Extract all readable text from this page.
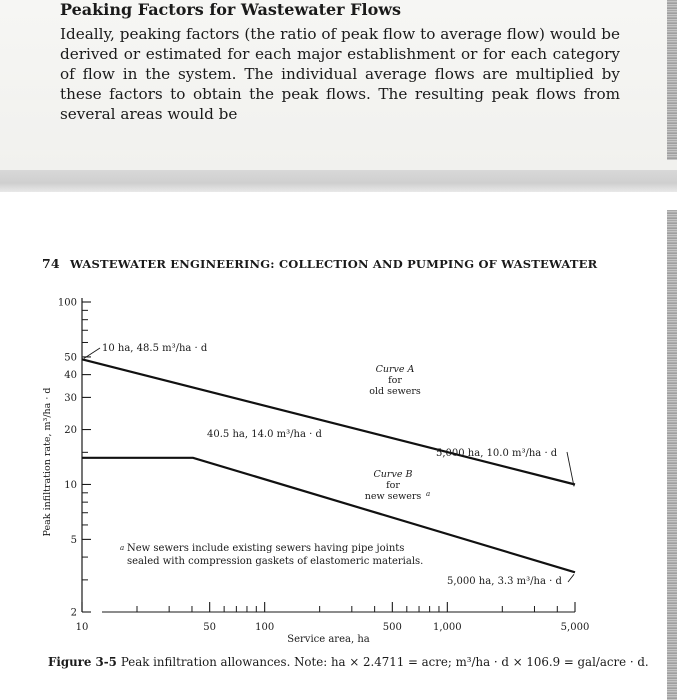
Peaking Factors for Wastewater Flows
Ideally, peaking factors (the ratio of peak flow to average flow) would be derived or estimated for each major establishment or for each category of flow in the system. The individual average flows are multiplied by these factors to obtain the peak flows. The resulting peak flows from several areas would be
74 WASTEWATER ENGINEERING: COLLECTION AND PUMPING OF WASTEWATER
100
50
40
30
20
10
5
2
10	50	100	500	1,000	5,000
Service area, ha
Peak infiltration rate, m³/ha · d
Curve A
for
old sewers
Curve B
for
new sewers a
10 ha, 48.5 m³/ha · d
40.5 ha, 14.0 m³/ha · d
5,000 ha, 10.0 m³/ha · d
5,000 ha, 3.3 m³/ha · d
a New sewers include existing sewers having pipe joints
sealed with compression gaskets of elastomeric materials.
Figure 3-5 Peak infiltration allowances. Note: ha × 2.4711 = acre; m³/ha · d × 106.9 = gal/acre · d.
